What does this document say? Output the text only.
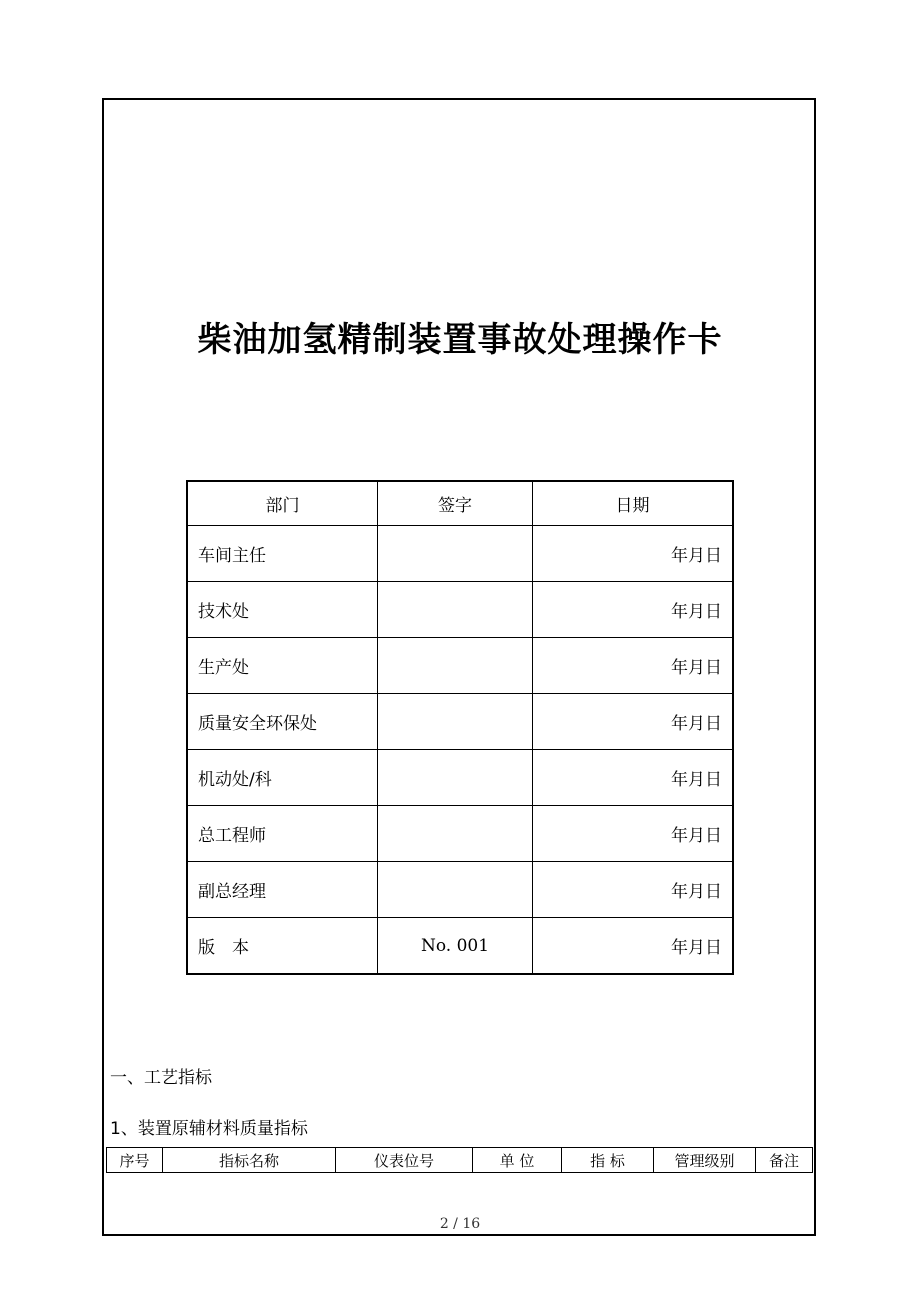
柴油加氢精制装置事故处理操作卡
部门	签字	日期
车间主任		年月日
技术处		年月日
生产处		年月日
质量安全环保处		年月日
机动处/科		年月日
总工程师		年月日
副总经理		年月日
版　本	No. 001	年月日
一、工艺指标
1、装置原辅材料质量指标
序号	指标名称	仪表位号	单 位	指 标	管理级别	备注
2 / 16
